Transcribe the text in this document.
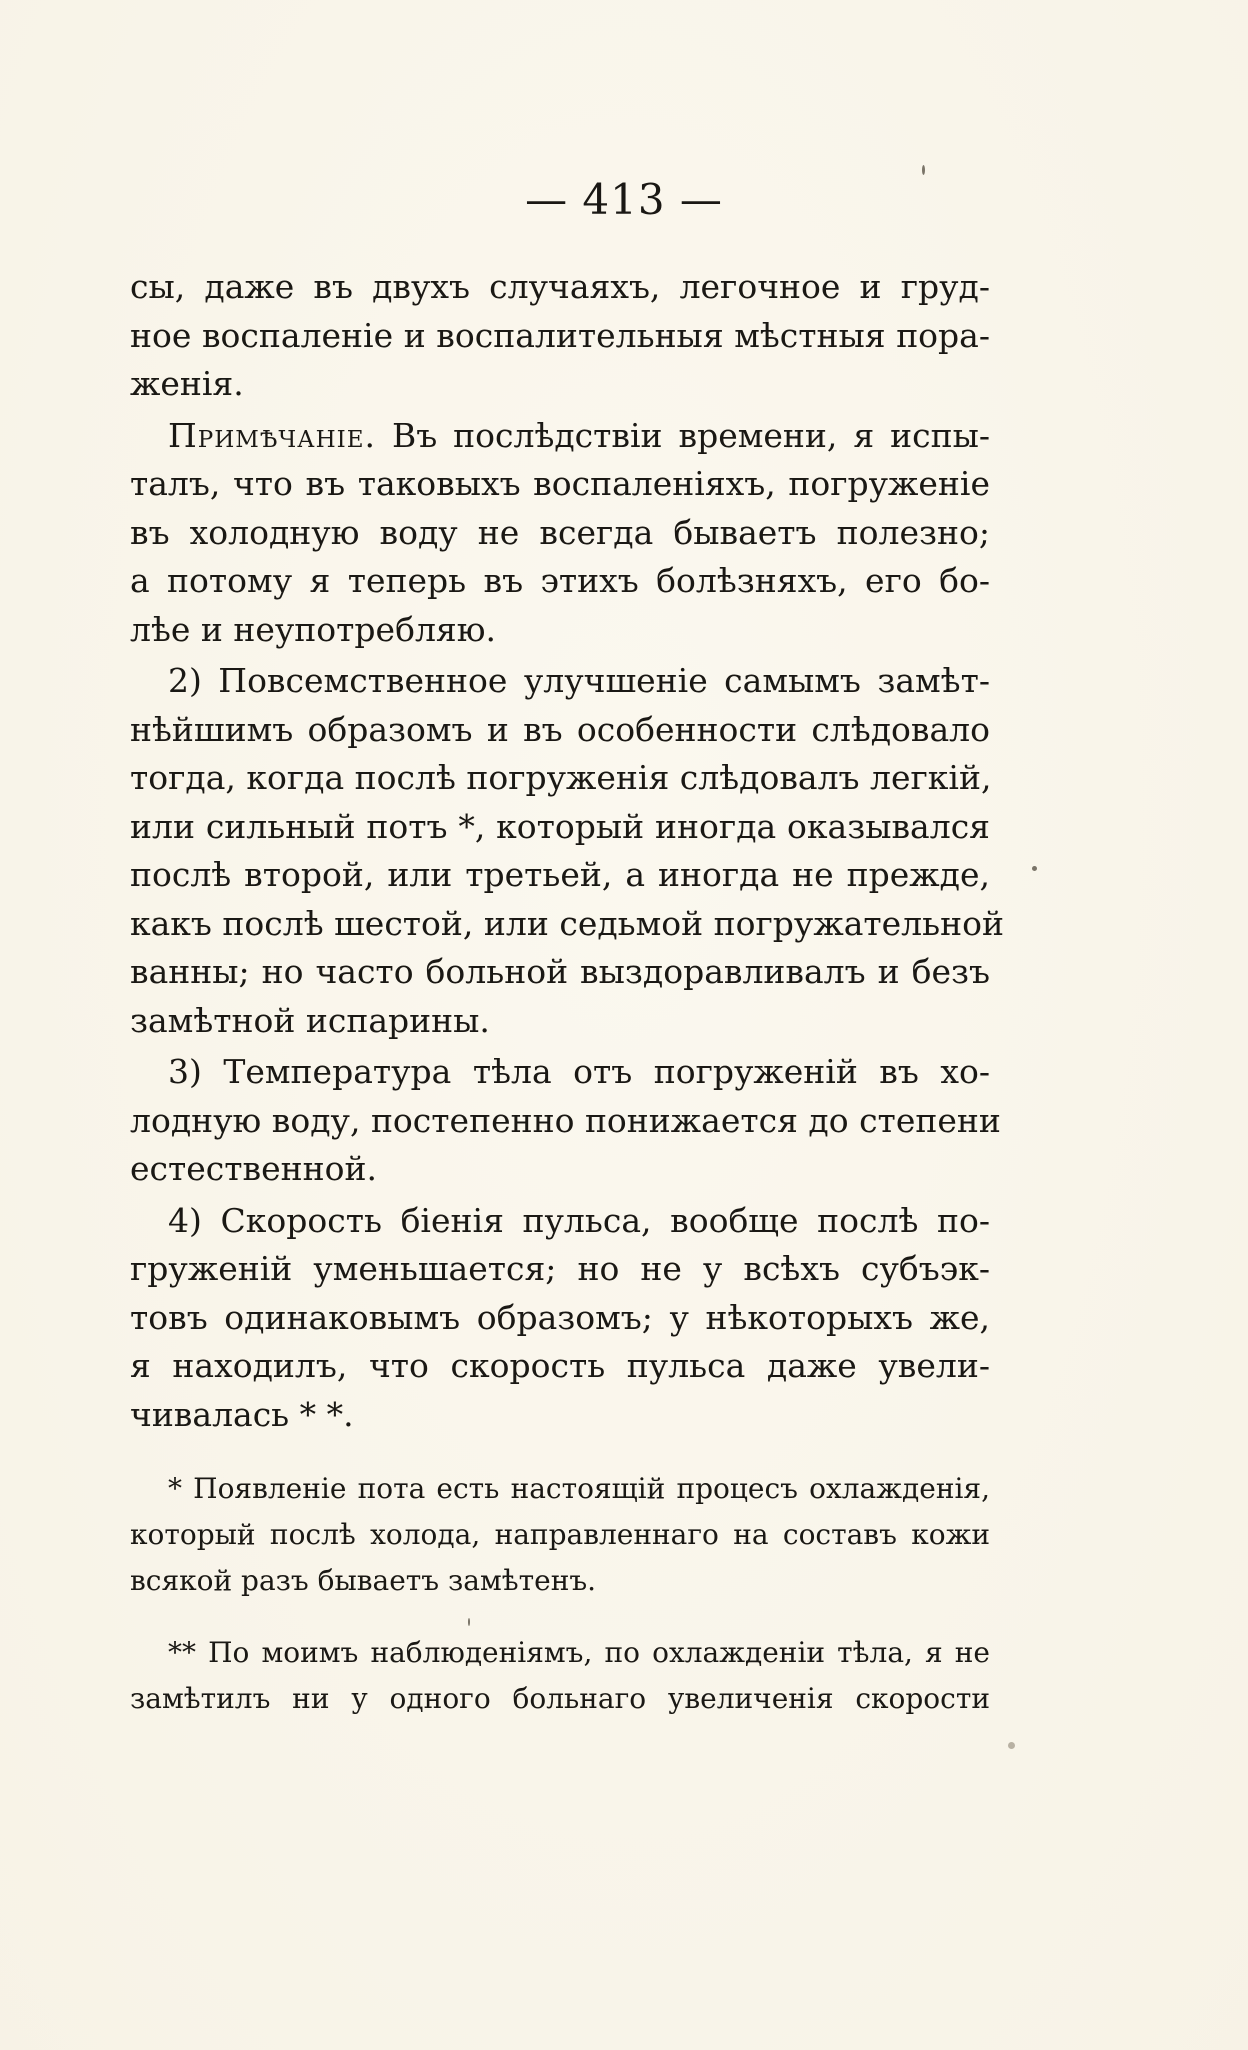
— 413 —
сы, даже въ двухъ случаяхъ, легочное и груд-
ное воспаленіе и воспалительныя мѣстныя пора-
женія.
Примѣчаніе. Въ послѣдствіи времени, я испы-
талъ, что въ таковыхъ воспаленіяхъ, погруженіе
въ холодную воду не всегда бываетъ полезно;
а потому я теперь въ этихъ болѣзняхъ, его бо-
лѣе и неупотребляю.
2) Повсемственное улучшеніе самымъ замѣт-
нѣйшимъ образомъ и въ особенности слѣдовало
тогда, когда послѣ погруженія слѣдовалъ легкій,
или сильный потъ *, который иногда оказывался
послѣ второй, или третьей, а иногда не прежде,
какъ послѣ шестой, или седьмой погружательной
ванны; но часто больной выздоравливалъ и безъ
замѣтной испарины.
3) Температура тѣла отъ погруженій въ хо-
лодную воду, постепенно понижается до степени
естественной.
4) Скорость біенія пульса, вообще послѣ по-
груженій уменьшается; но не у всѣхъ субъэк-
товъ одинаковымъ образомъ; у нѣкоторыхъ же,
я находилъ, что скорость пульса даже увели-
чивалась * *.
* Появленіе пота есть настоящій процесъ охлажденія,
который послѣ холода, направленнаго на составъ кожи
всякой разъ бываетъ замѣтенъ.
** По моимъ наблюденіямъ, по охлажденіи тѣла, я не
замѣтилъ ни у одного больнаго увеличенія скорости
